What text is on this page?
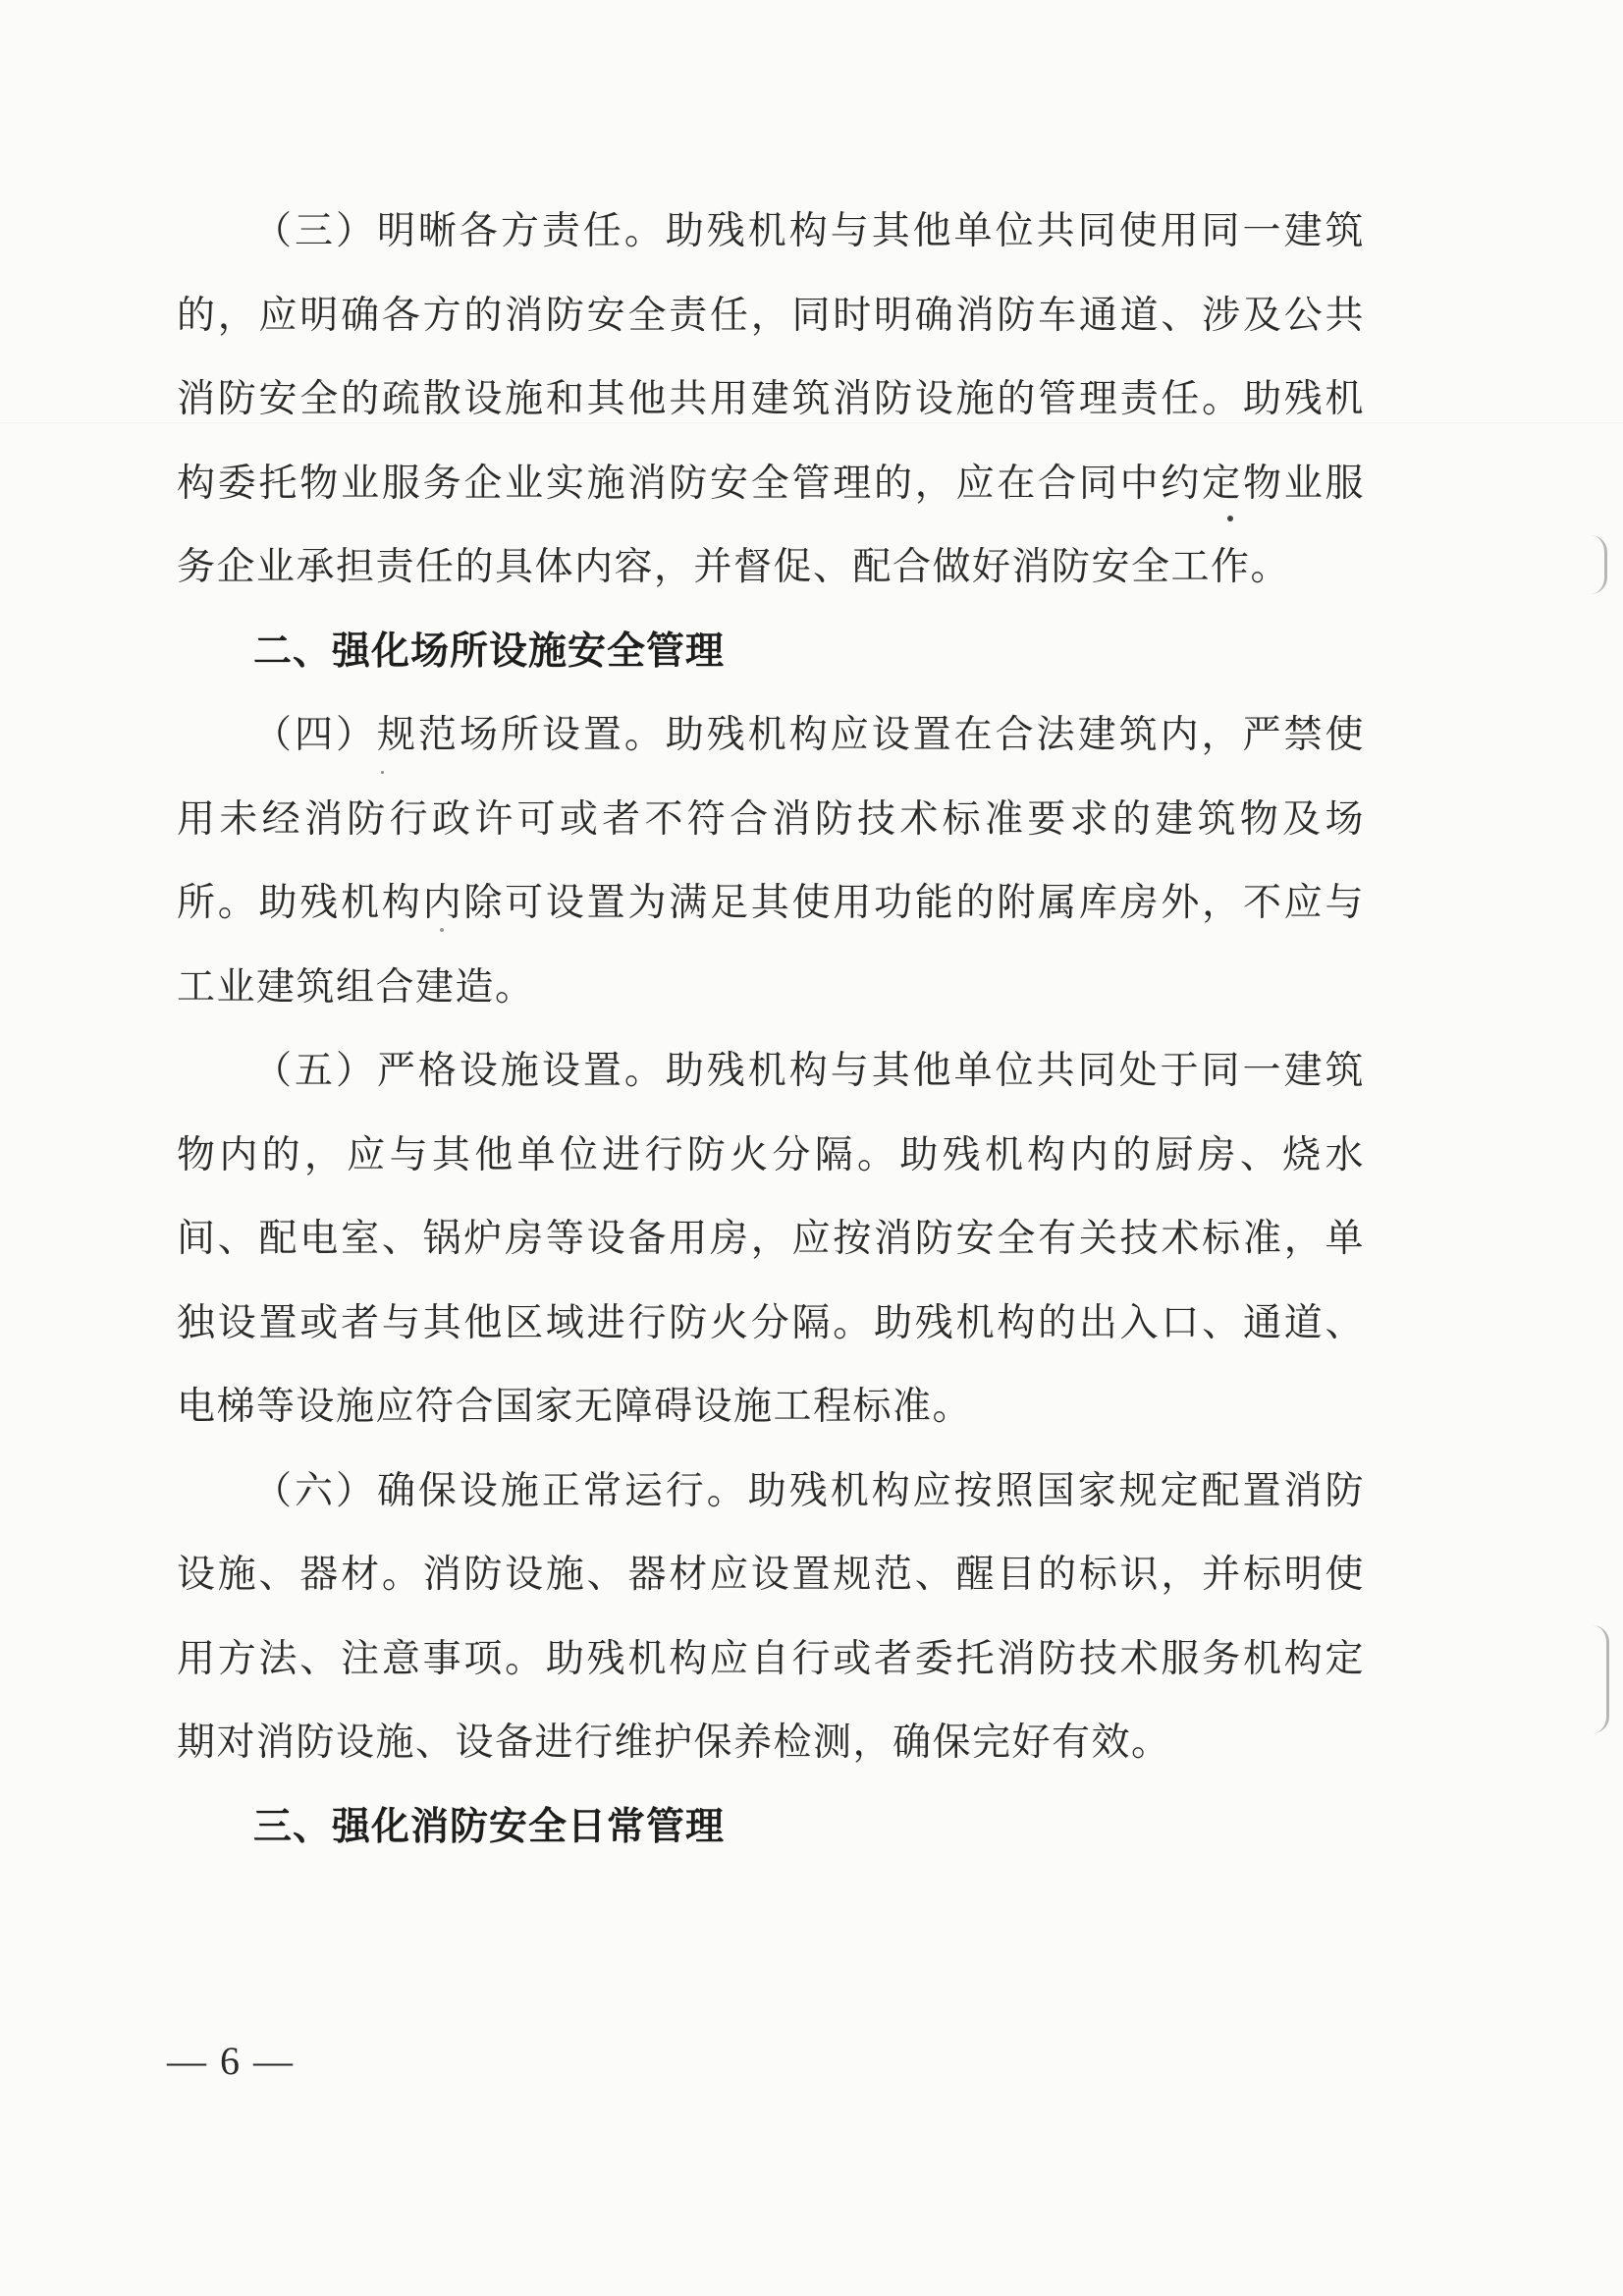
（三）明晰各方责任。助残机构与其他单位共同使用同一建筑的，应明确各方的消防安全责任，同时明确消防车通道、涉及公共消防安全的疏散设施和其他共用建筑消防设施的管理责任。助残机构委托物业服务企业实施消防安全管理的，应在合同中约定物业服务企业承担责任的具体内容，并督促、配合做好消防安全工作。

二、强化场所设施安全管理

（四）规范场所设置。助残机构应设置在合法建筑内，严禁使用未经消防行政许可或者不符合消防技术标准要求的建筑物及场所。助残机构内除可设置为满足其使用功能的附属库房外，不应与工业建筑组合建造。

（五）严格设施设置。助残机构与其他单位共同处于同一建筑物内的，应与其他单位进行防火分隔。助残机构内的厨房、烧水间、配电室、锅炉房等设备用房，应按消防安全有关技术标准，单独设置或者与其他区域进行防火分隔。助残机构的出入口、通道、电梯等设施应符合国家无障碍设施工程标准。

（六）确保设施正常运行。助残机构应按照国家规定配置消防设施、器材。消防设施、器材应设置规范、醒目的标识，并标明使用方法、注意事项。助残机构应自行或者委托消防技术服务机构定期对消防设施、设备进行维护保养检测，确保完好有效。

三、强化消防安全日常管理
— 6 —
